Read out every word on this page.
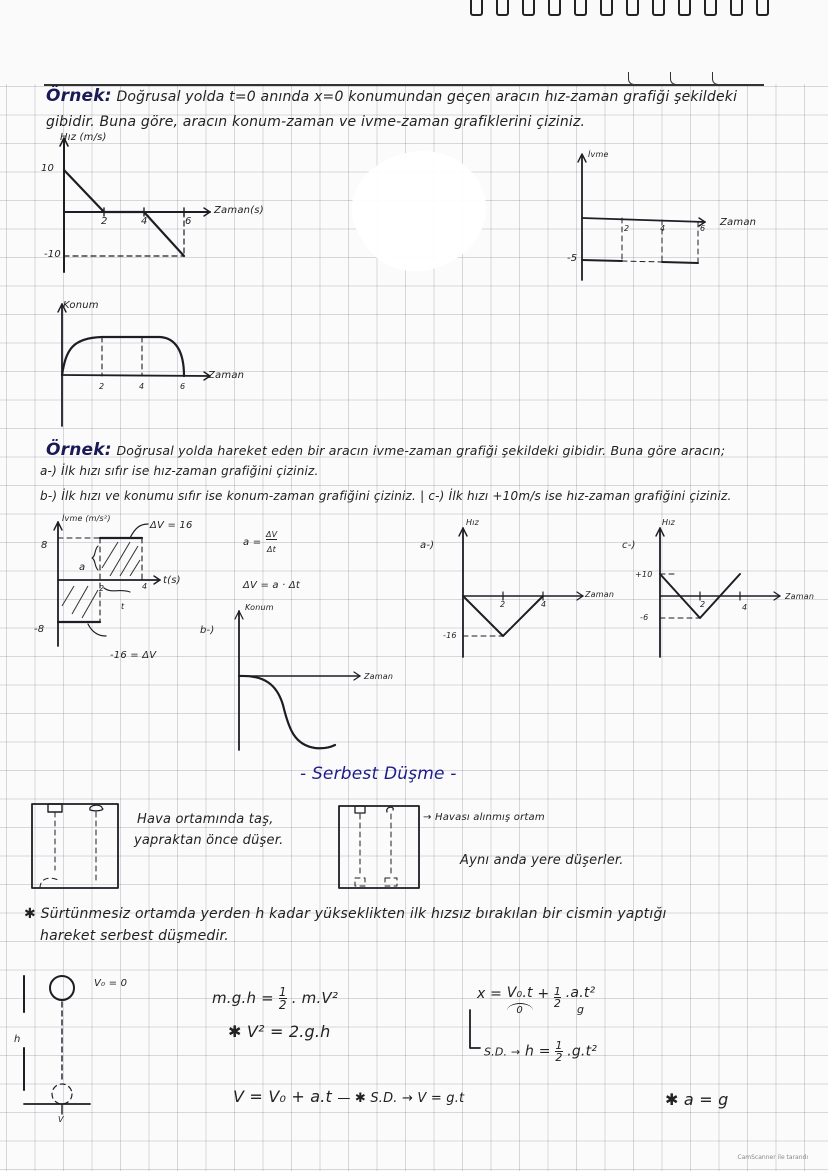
Örnek: Doğrusal yolda t=0 anında x=0 konumundan geçen aracın hız-zaman grafiği şekildeki
gibidir. Buna göre, aracın konum-zaman ve ivme-zaman grafiklerini çiziniz.
Hız (m/s)
10
-10
2	4	6
Zaman(s)
İvme
2	4	6
-5
Zaman
Konum
2	4	6
Zaman
Örnek: Doğrusal yolda hareket eden bir aracın ivme-zaman grafiği şekildeki gibidir. Buna göre aracın;
a-) İlk hızı sıfır ise hız-zaman grafiğini çiziniz.
b-) İlk hızı ve konumu sıfır ise konum-zaman grafiğini çiziniz. | c-) İlk hızı +10m/s ise hız-zaman grafiğini çiziniz.
İvme (m/s²)
8
-8
2	4
t(s)
a
t
ΔV = 16
-16 = ΔV
a =
ΔV
Δt
ΔV = a · Δt
a-)
Hız
-16
2	4
Zaman
c-)
Hız
+10
-6
2	4
Zaman
b-)
Konum
Zaman
- Serbest Düşme -
Hava ortamında taş,
yapraktan önce düşer.
→ Havası alınmış ortam
Aynı anda yere düşerler.
✱ Sürtünmesiz ortamda yerden h kadar yükseklikten ilk hızsız bırakılan bir cismin yaptığı
hareket serbest düşmedir.
V₀ = 0
h
V
$m.g.h = \frac{1}{2}$ . m.V²
✱ V² = 2.g.h
V = V₀ + a.t — ✱ S.D. → V = g.t
x = V₀.t
0
+ $\frac{1}{2}$
.a.t²
g
S.D. → $h = \frac{1}{2} .g.t^2$
✱ a = g
CamScanner ile tarandı
